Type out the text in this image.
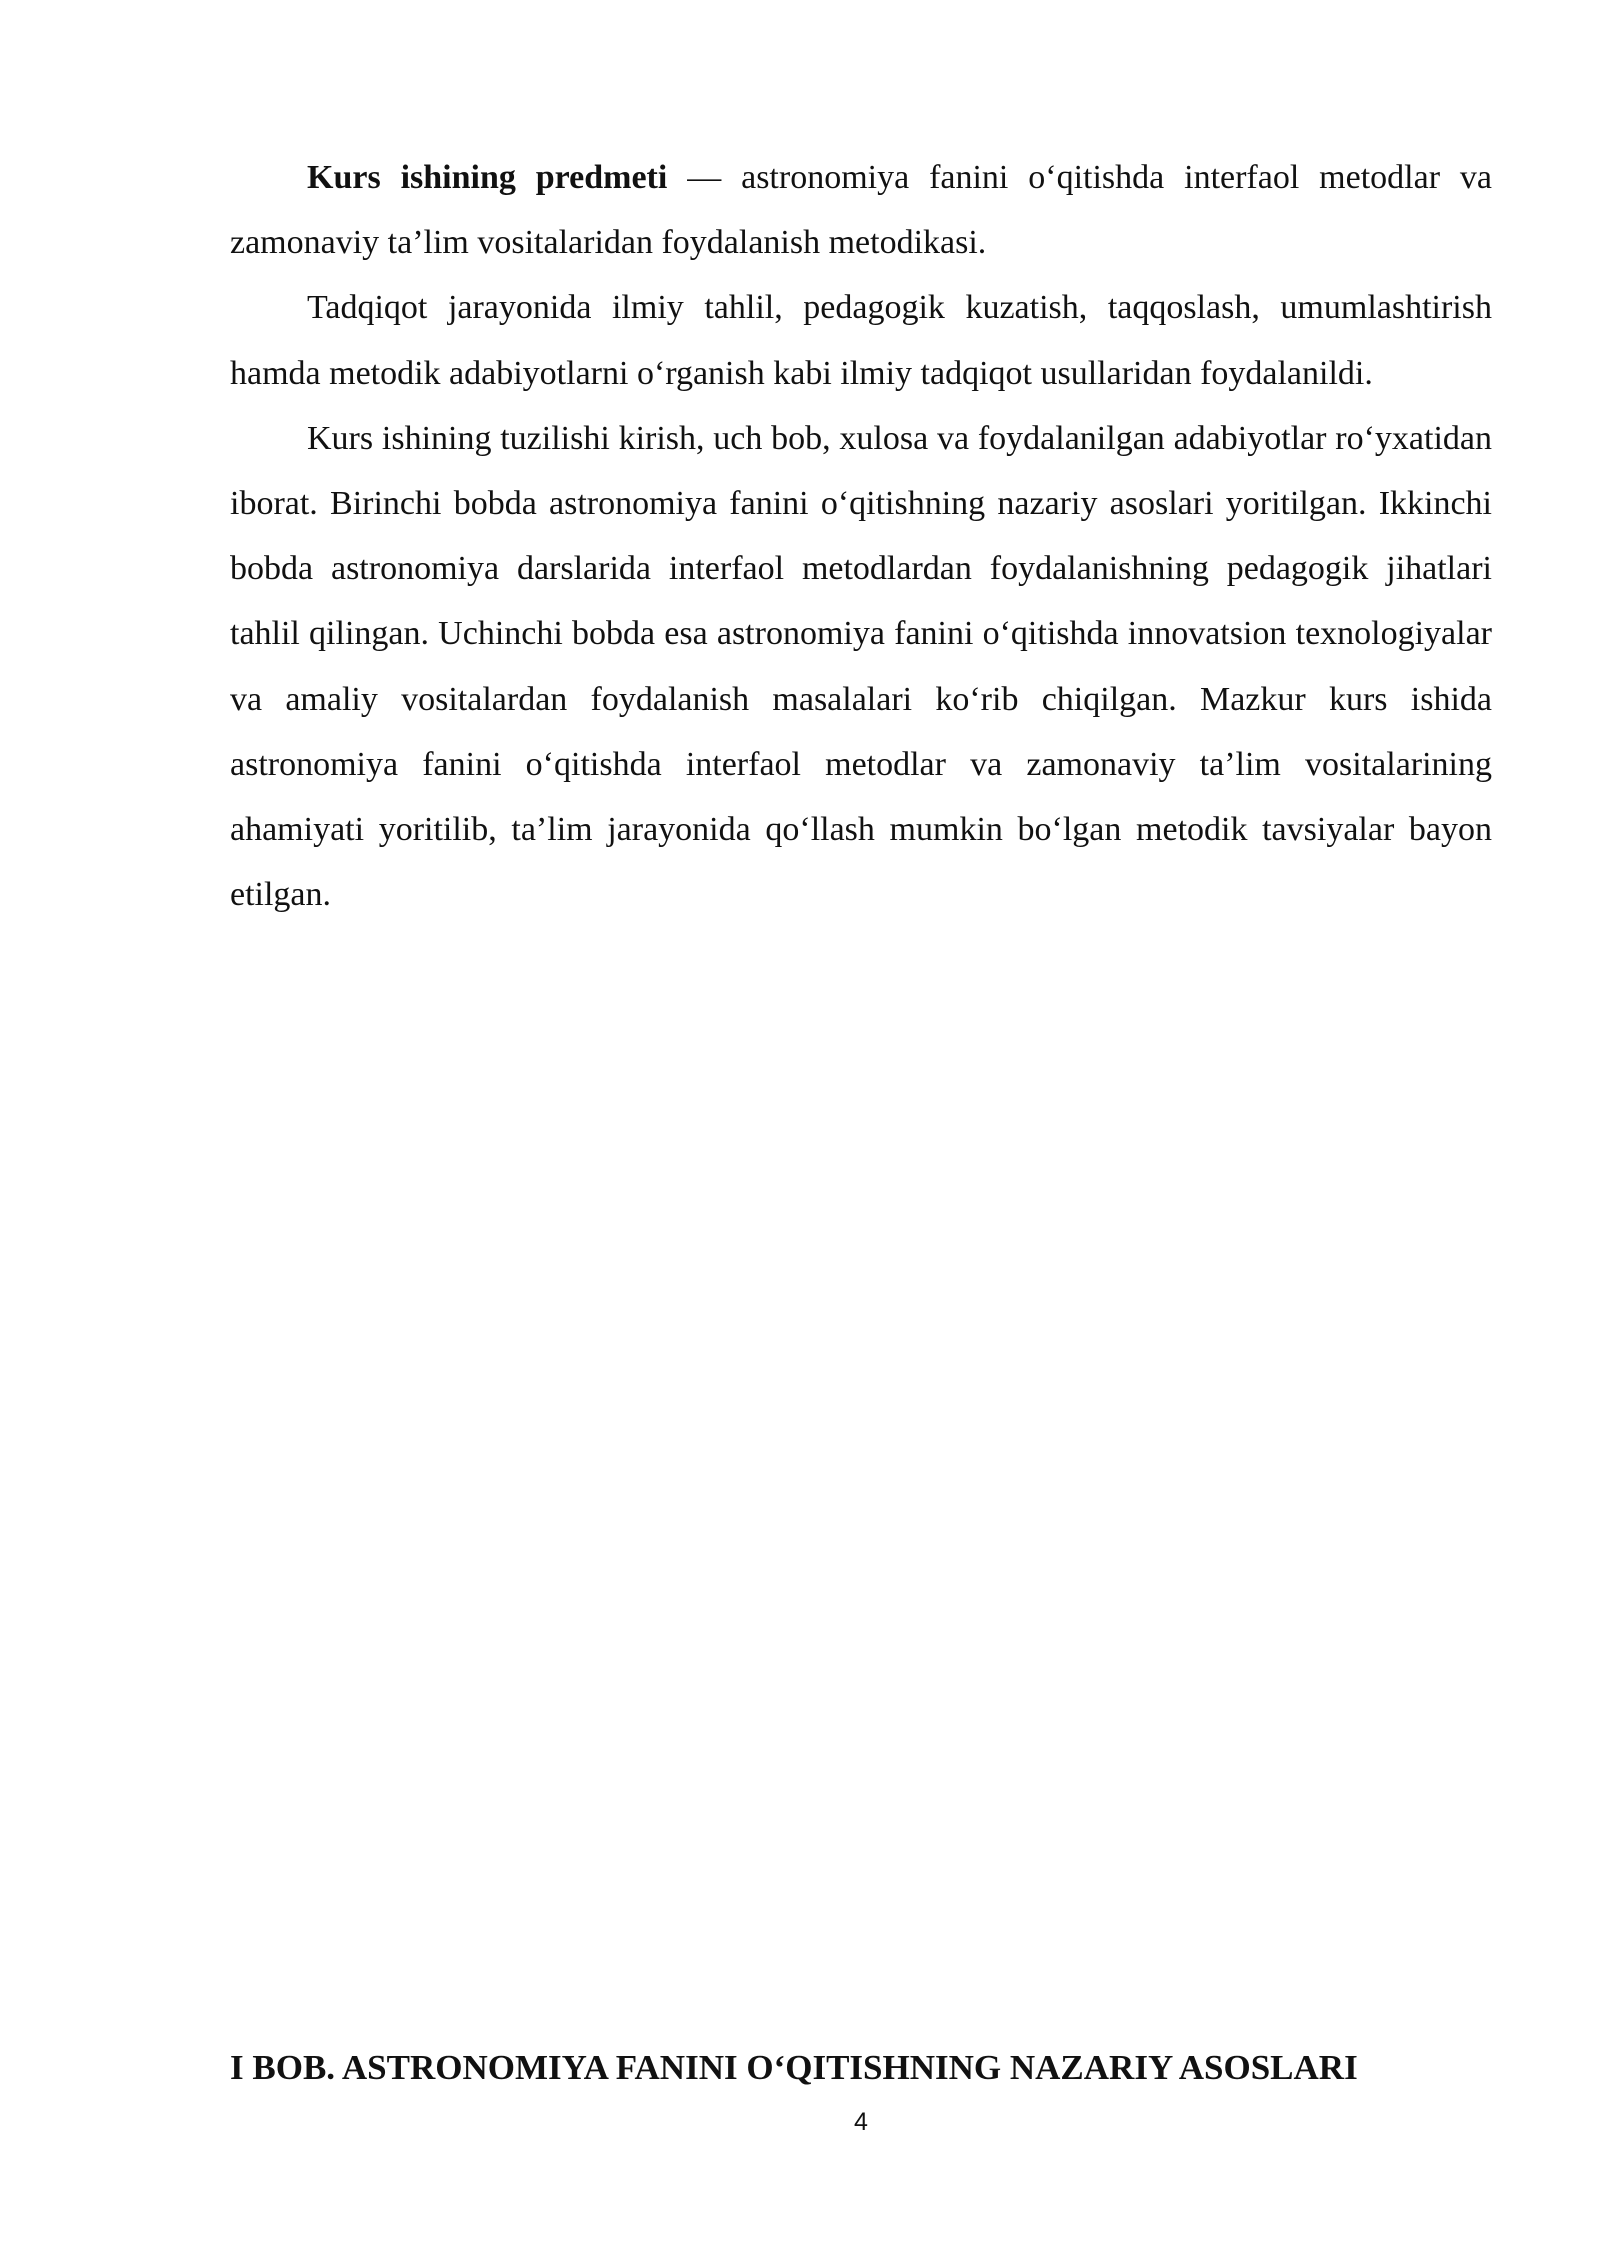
Kurs ishining predmeti — astronomiya fanini o‘qitishda interfaol metodlar va zamonaviy ta’lim vositalaridan foydalanish metodikasi.

Tadqiqot jarayonida ilmiy tahlil, pedagogik kuzatish, taqqoslash, umumlashtirish hamda metodik adabiyotlarni o‘rganish kabi ilmiy tadqiqot usullaridan foydalanildi.

Kurs ishining tuzilishi kirish, uch bob, xulosa va foydalanilgan adabiyotlar ro‘yxatidan iborat. Birinchi bobda astronomiya fanini o‘qitishning nazariy asoslari yoritilgan. Ikkinchi bobda astronomiya darslarida interfaol metodlardan foydalanishning pedagogik jihatlari tahlil qilingan. Uchinchi bobda esa astronomiya fanini o‘qitishda innovatsion texnologiyalar va amaliy vositalardan foydalanish masalalari ko‘rib chiqilgan. Mazkur kurs ishida astronomiya fanini o‘qitishda interfaol metodlar va zamonaviy ta’lim vositalarining ahamiyati yoritilib, ta’lim jarayonida qo‘llash mumkin bo‘lgan metodik tavsiyalar bayon etilgan.

I BOB. ASTRONOMIYA FANINI O‘QITISHNING NAZARIY ASOSLARI
4
